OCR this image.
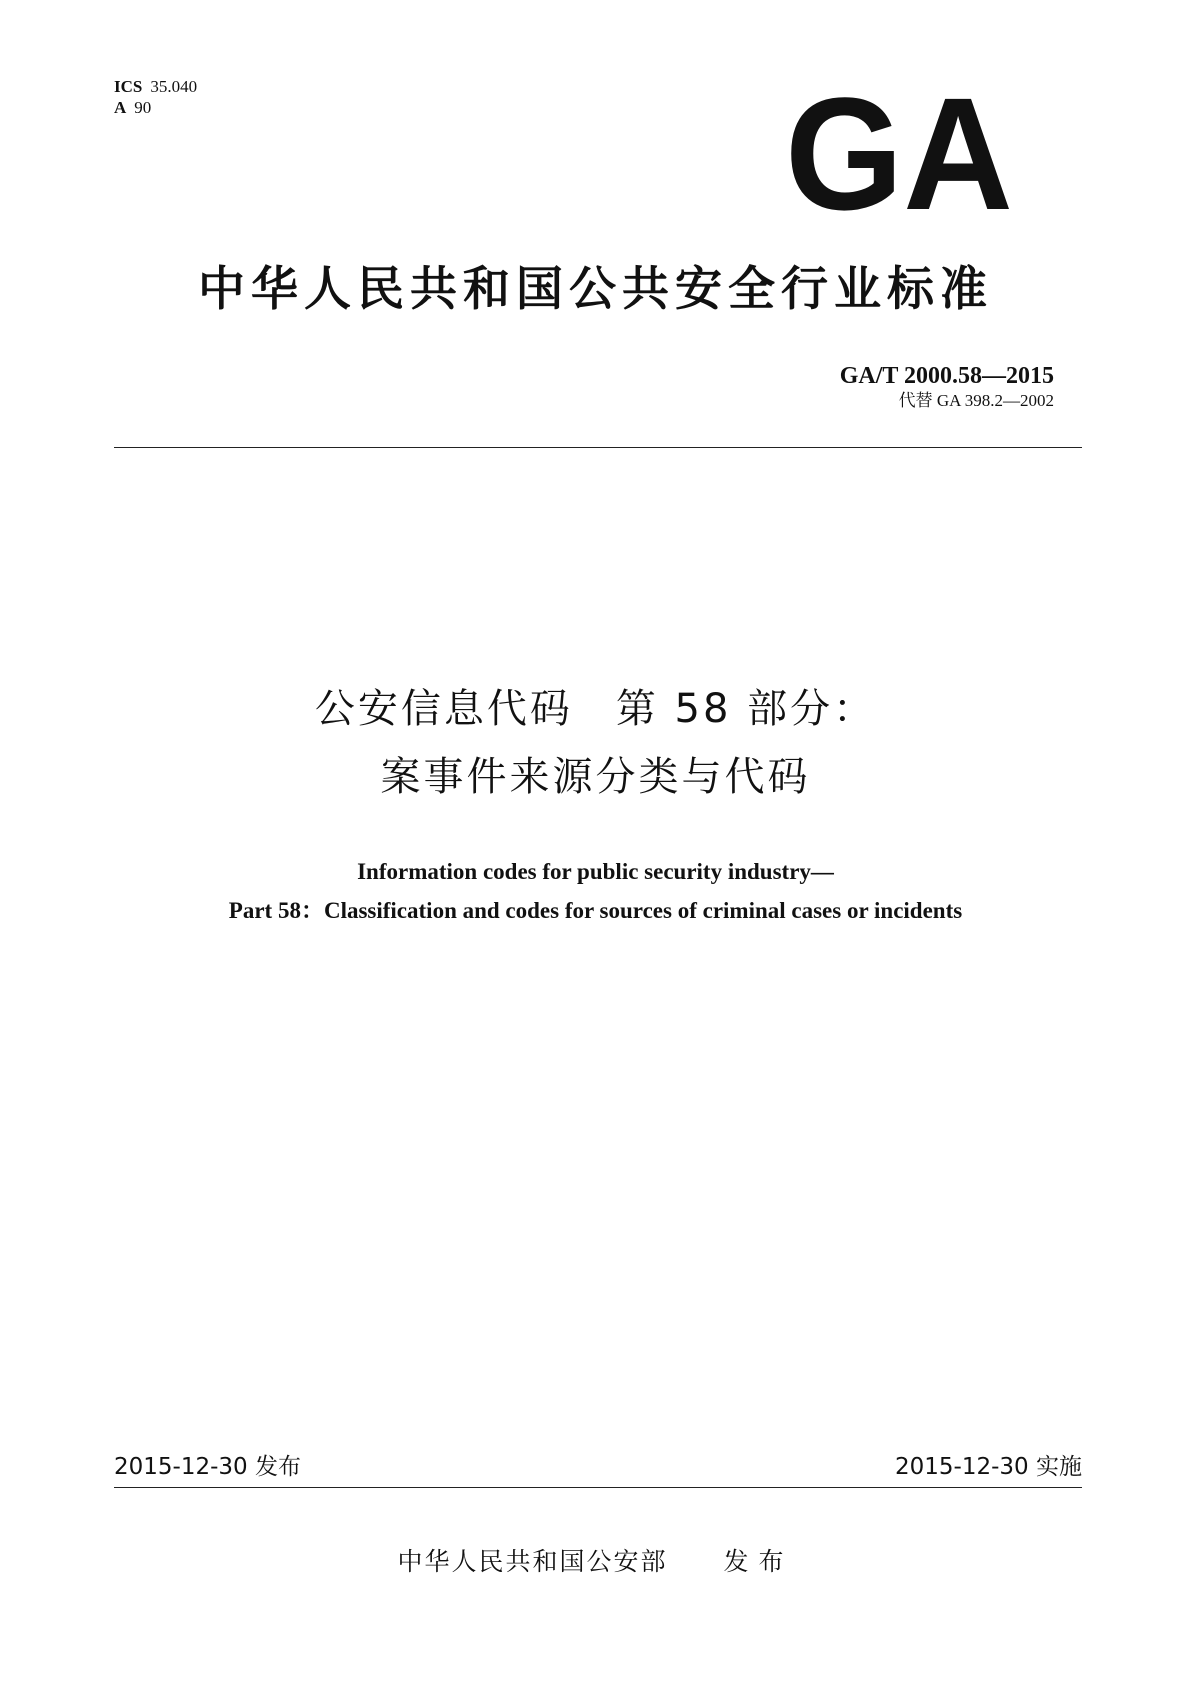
ICS 35.040
A 90	GA
中华人民共和国公共安全行业标准
GA/T 2000.58—2015
代替 GA 398.2—2002
公安信息代码　第 58 部分：
案事件来源分类与代码
Information codes for public security industry—
Part 58：Classification and codes for sources of criminal cases or incidents
2015-12-30 发布	2015-12-30 实施
中华人民共和国公安部 发布
